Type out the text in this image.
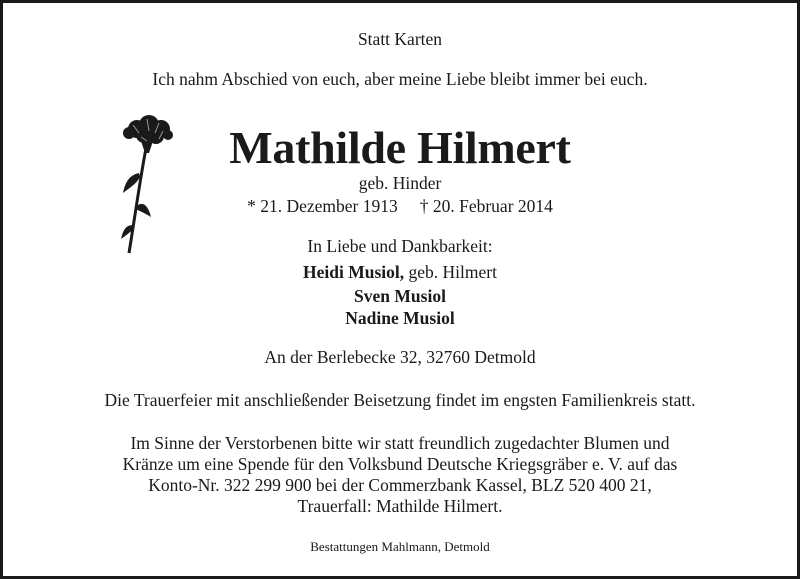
Statt Karten
Ich nahm Abschied von euch, aber meine Liebe bleibt immer bei euch.
Mathilde Hilmert
geb. Hinder
* 21. Dezember 1913 † 20. Februar 2014
In Liebe und Dankbarkeit:
Heidi Musiol, geb. Hilmert
Sven Musiol
Nadine Musiol
An der Berlebecke 32, 32760 Detmold
Die Trauerfeier mit anschließender Beisetzung findet im engsten Familienkreis statt.
Im Sinne der Verstorbenen bitte wir statt freundlich zugedachter Blumen und
Kränze um eine Spende für den Volksbund Deutsche Kriegsgräber e. V. auf das
Konto-Nr. 322 299 900 bei der Commerzbank Kassel, BLZ 520 400 21,
Trauerfall: Mathilde Hilmert.
Bestattungen Mahlmann, Detmold
